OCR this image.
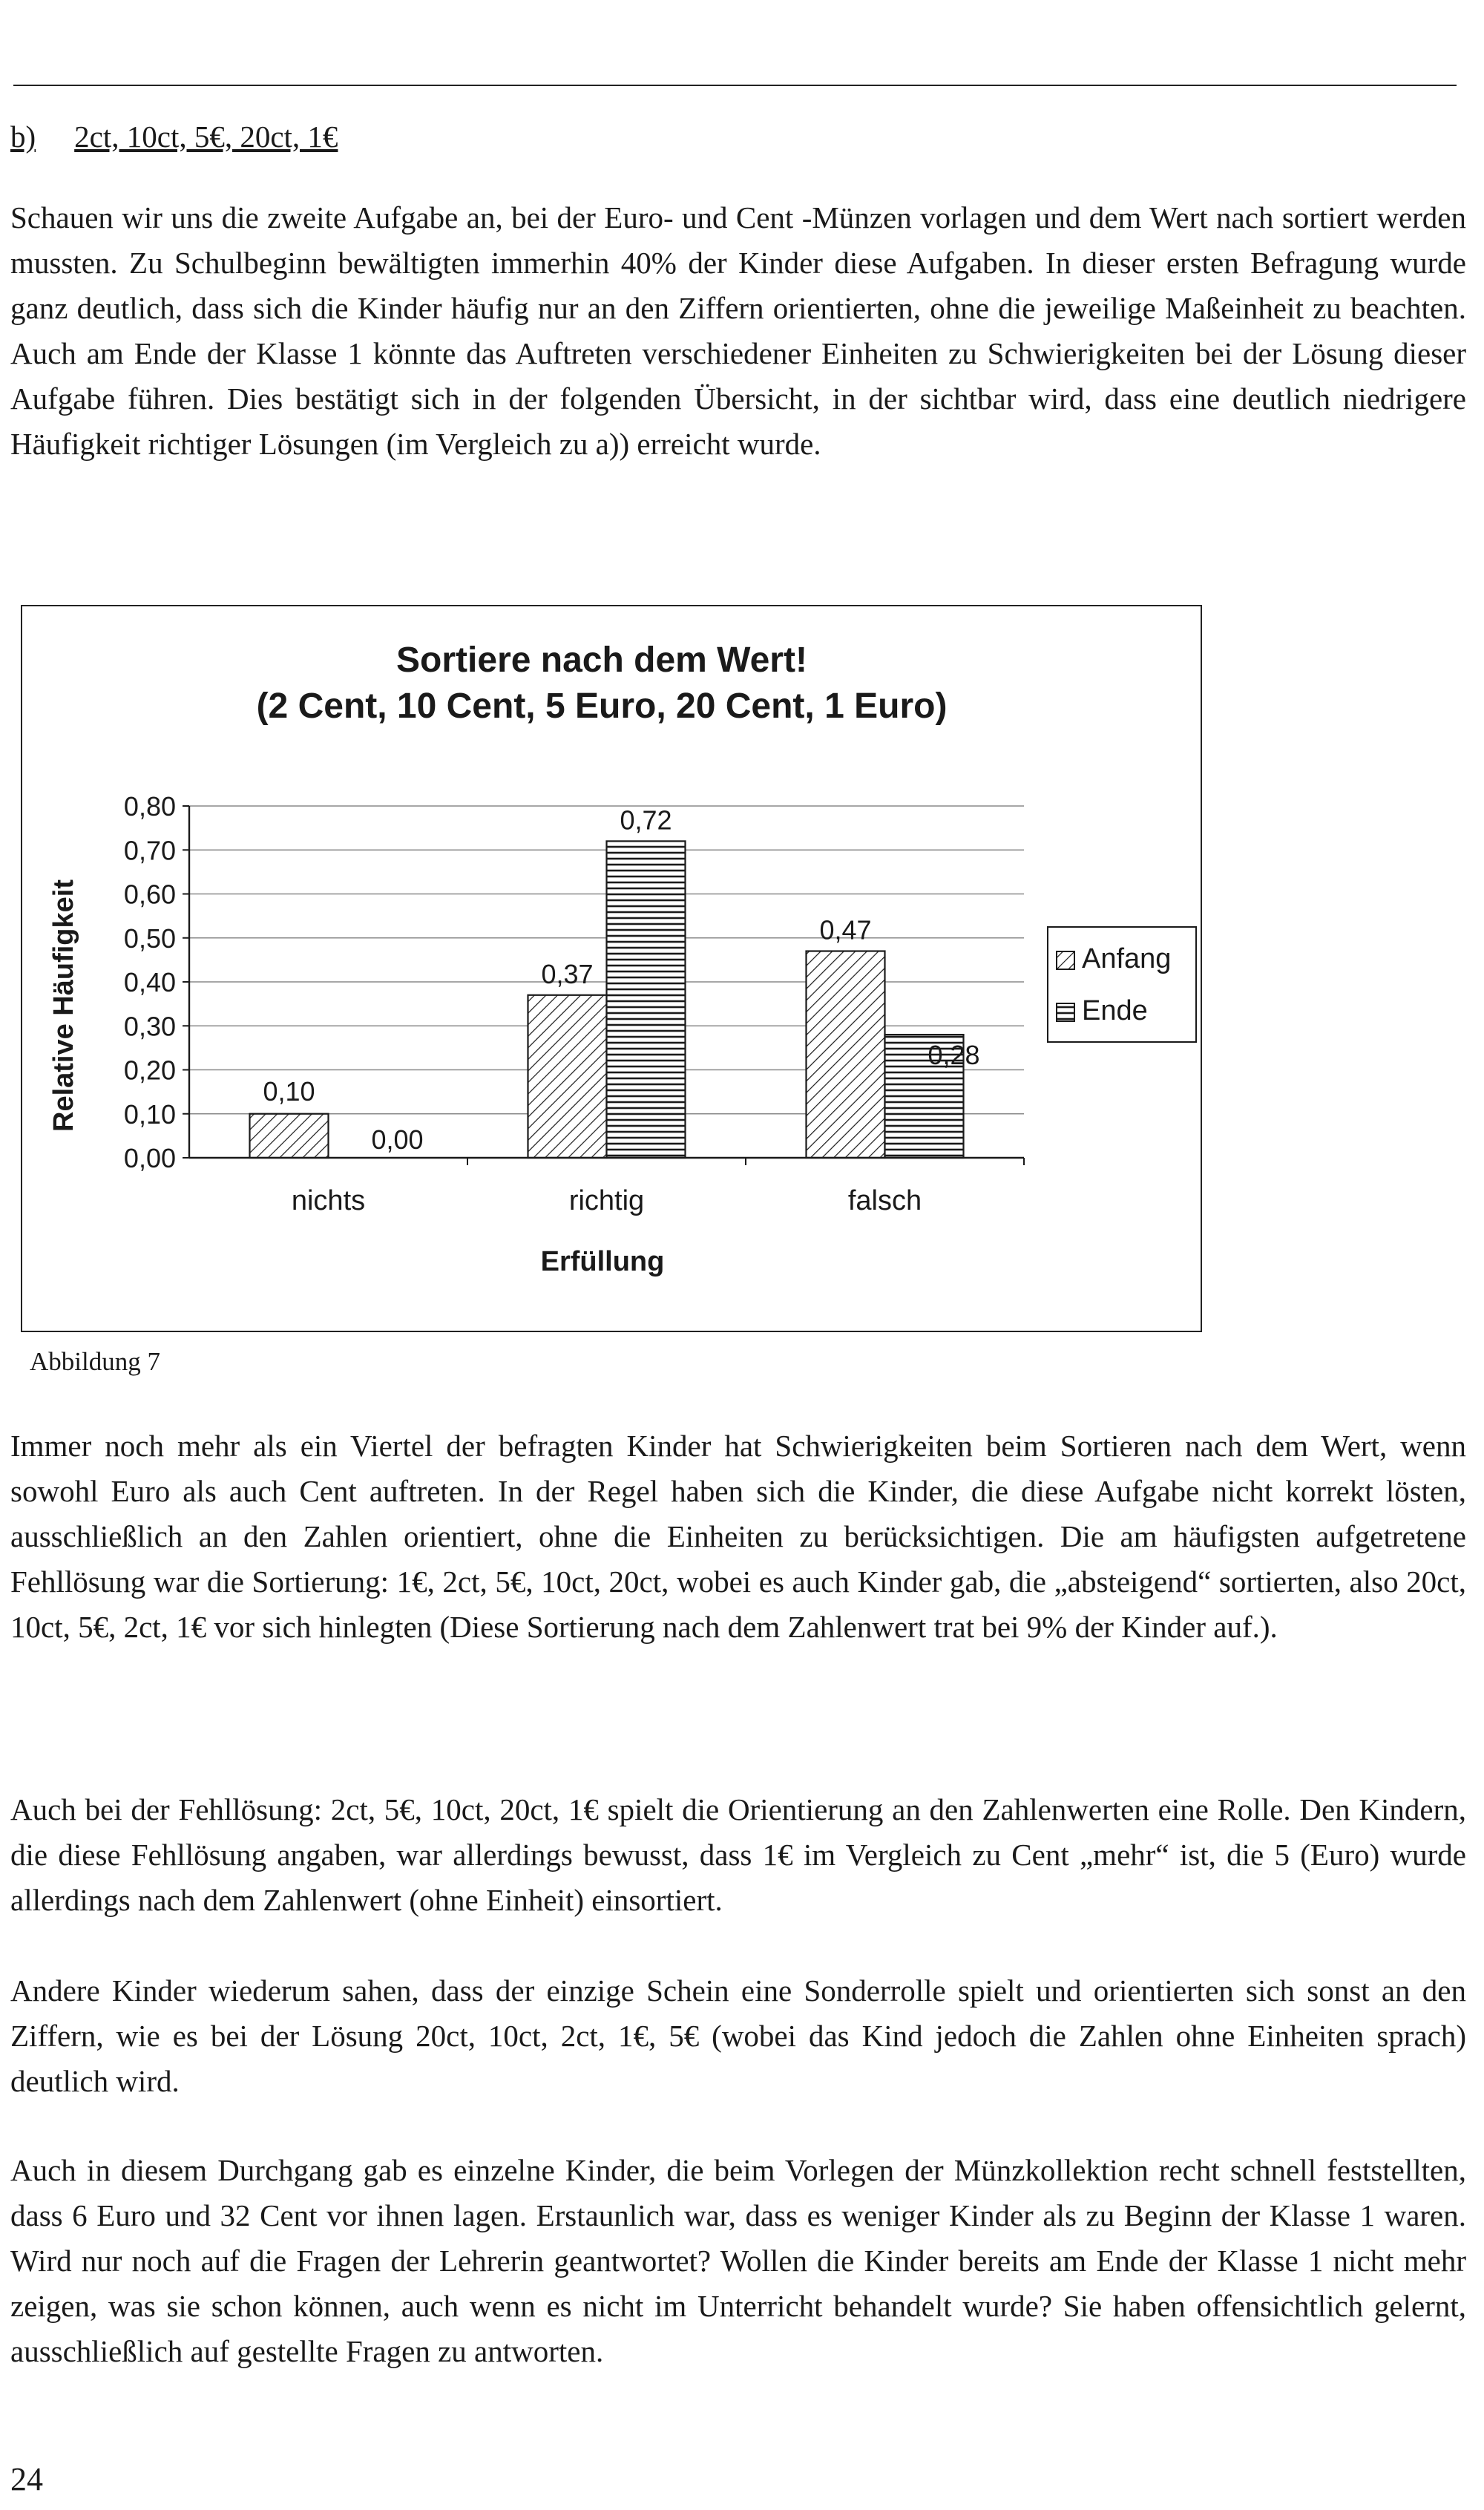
b) 2ct, 10ct, 5€, 20ct, 1€

Schauen wir uns die zweite Aufgabe an, bei der Euro- und Cent -Münzen vorlagen und dem Wert nach sortiert werden mussten. Zu Schulbeginn bewältigten immerhin 40% der Kinder diese Aufgaben. In dieser ersten Befragung wurde ganz deutlich, dass sich die Kinder häufig nur an den Ziffern orientierten, ohne die jeweilige Maßeinheit zu beachten. Auch am Ende der Klasse 1 könnte das Auftreten verschiedener Einheiten zu Schwierigkeiten bei der Lösung dieser Aufgabe führen. Dies bestätigt sich in der folgenden Übersicht, in der sichtbar wird, dass eine deutlich niedrigere Häufigkeit richtiger Lösungen (im Vergleich zu a)) erreicht wurde.

Sortiere nach dem Wert!
(2 Cent, 10 Cent, 5 Euro, 20 Cent, 1 Euro)
Relative Häufigkeit
Erfüllung
0,00
0,10
0,20
0,30
0,40
0,50
0,60
0,70
0,80
0,10
0,00
nichts
0,37
0,72
richtig
0,47
0,28
falsch
Anfang
Ende

Abbildung 7

Immer noch mehr als ein Viertel der befragten Kinder hat Schwierigkeiten beim Sortieren nach dem Wert, wenn sowohl Euro als auch Cent auftreten. In der Regel haben sich die Kinder, die diese Aufgabe nicht korrekt lösten, ausschließlich an den Zahlen orientiert, ohne die Einheiten zu berücksichtigen. Die am häufigsten aufgetretene Fehllösung war die Sortierung: 1€, 2ct, 5€, 10ct, 20ct, wobei es auch Kinder gab, die „absteigend“ sortierten, also 20ct, 10ct, 5€, 2ct, 1€ vor sich hinlegten (Diese Sortierung nach dem Zahlenwert trat bei 9% der Kinder auf.).

Auch bei der Fehllösung: 2ct, 5€, 10ct, 20ct, 1€ spielt die Orientierung an den Zahlenwerten eine Rolle. Den Kindern, die diese Fehllösung angaben, war allerdings bewusst, dass 1€ im Vergleich zu Cent „mehr“ ist, die 5 (Euro) wurde allerdings nach dem Zahlenwert (ohne Einheit) einsortiert.

Andere Kinder wiederum sahen, dass der einzige Schein eine Sonderrolle spielt und orientierten sich sonst an den Ziffern, wie es bei der Lösung 20ct, 10ct, 2ct, 1€, 5€ (wobei das Kind jedoch die Zahlen ohne Einheiten sprach) deutlich wird.

Auch in diesem Durchgang gab es einzelne Kinder, die beim Vorlegen der Münzkollektion recht schnell feststellten, dass 6 Euro und 32 Cent vor ihnen lagen. Erstaunlich war, dass es weniger Kinder als zu Beginn der Klasse 1 waren. Wird nur noch auf die Fragen der Lehrerin geantwortet? Wollen die Kinder bereits am Ende der Klasse 1 nicht mehr zeigen, was sie schon können, auch wenn es nicht im Unterricht behandelt wurde? Sie haben offensichtlich gelernt, ausschließlich auf gestellte Fragen zu antworten.

24
